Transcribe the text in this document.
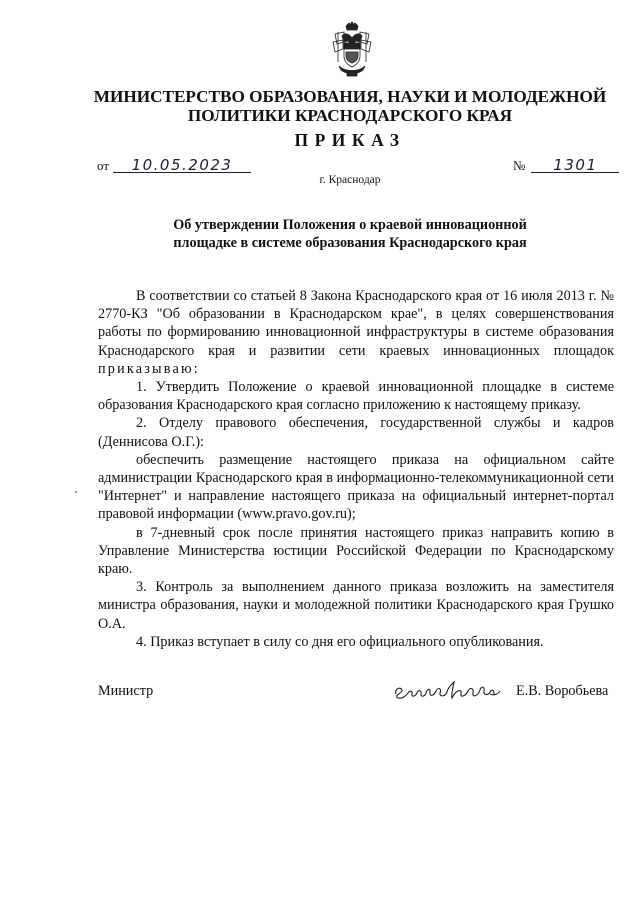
МИНИСТЕРСТВО ОБРАЗОВАНИЯ, НАУКИ И МОЛОДЕЖНОЙ
ПОЛИТИКИ КРАСНОДАРСКОГО КРАЯ
ПРИКАЗ
от 10.05.2023	№ 1301
г. Краснодар
Об утверждении Положения о краевой инновационной
площадке в системе образования Краснодарского края

В соответствии со статьей 8 Закона Краснодарского края от 16 июля 2013 г. № 2770-КЗ "Об образовании в Краснодарском крае", в целях совершенствования работы по формированию инновационной инфраструктуры в системе образования Краснодарского края и развитии сети краевых инновационных площадок приказываю:

1. Утвердить Положение о краевой инновационной площадке в системе образования Краснодарского края согласно приложению к настоящему приказу.

2. Отделу правового обеспечения, государственной службы и кадров (Деннисова О.Г.):

обеспечить размещение настоящего приказа на официальном сайте администрации Краснодарского края в информационно-телекоммуникационной сети "Интернет" и направление настоящего приказа на официальный интернет-портал правовой информации (www.pravo.gov.ru);

в 7-дневный срок после принятия настоящего приказ направить копию в Управление Министерства юстиции Российской Федерации по Краснодарскому краю.

3. Контроль за выполнением данного приказа возложить на заместителя министра образования, науки и молодежной политики Краснодарского края Грушко О.А.

4. Приказ вступает в силу со дня его официального опубликования.

Министр	Е.В. Воробьева
